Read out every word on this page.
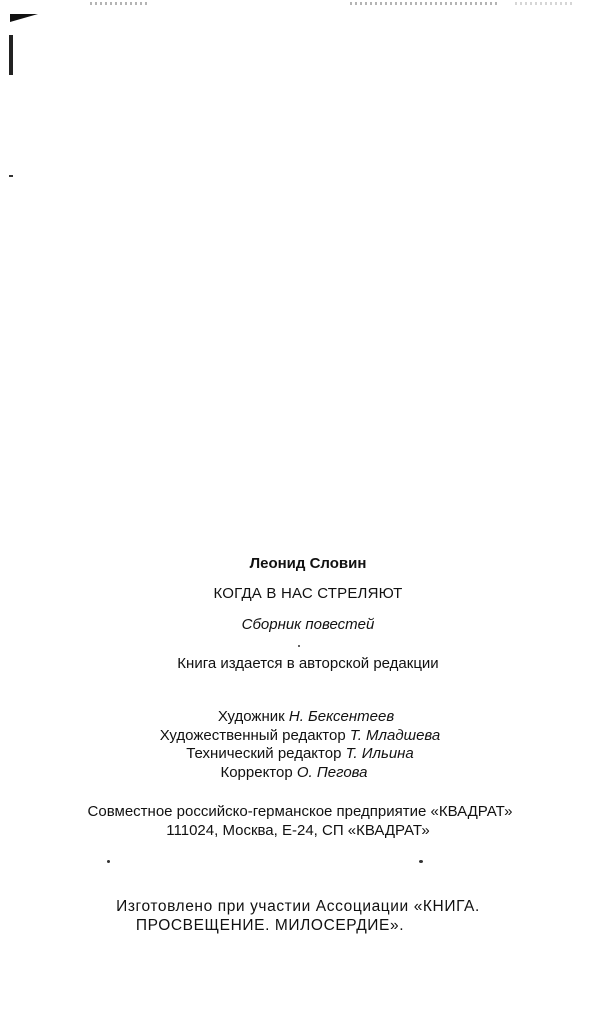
Леонид Словин
КОГДА В НАС СТРЕЛЯЮТ
Сборник повестей
Книга издается в авторской редакции
Художник Н. Бексентеев
Художественный редактор Т. Младшева
Технический редактор Т. Ильина
Корректор О. Пегова
Совместное российско-германское предприятие «КВАДРАТ»
111024, Москва, Е-24, СП «КВАДРАТ»
Изготовлено при участии Ассоциации «КНИГА.
ПРОСВЕЩЕНИЕ. МИЛОСЕРДИЕ».
